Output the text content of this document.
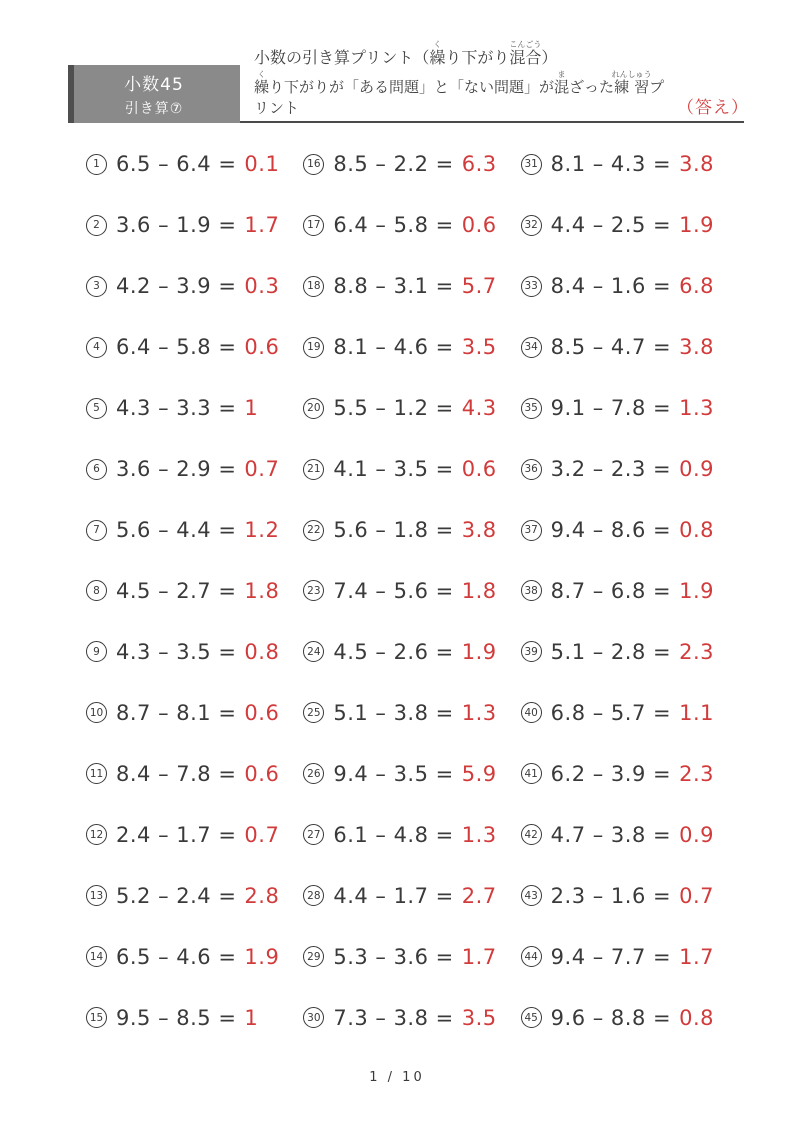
小数45
引き算⑦
小数の引き算プリント（繰くり下がり混合こんごう）
繰くり下がりが「ある問題」と「ない問題」が混まざった練習れんしゅうプリント	（答え）
1 6.5 – 6.4 = 0.1
2 3.6 – 1.9 = 1.7
3 4.2 – 3.9 = 0.3
4 6.4 – 5.8 = 0.6
5 4.3 – 3.3 = 1
6 3.6 – 2.9 = 0.7
7 5.6 – 4.4 = 1.2
8 4.5 – 2.7 = 1.8
9 4.3 – 3.5 = 0.8
10 8.7 – 8.1 = 0.6
11 8.4 – 7.8 = 0.6
12 2.4 – 1.7 = 0.7
13 5.2 – 2.4 = 2.8
14 6.5 – 4.6 = 1.9
15 9.5 – 8.5 = 1
16 8.5 – 2.2 = 6.3
17 6.4 – 5.8 = 0.6
18 8.8 – 3.1 = 5.7
19 8.1 – 4.6 = 3.5
20 5.5 – 1.2 = 4.3
21 4.1 – 3.5 = 0.6
22 5.6 – 1.8 = 3.8
23 7.4 – 5.6 = 1.8
24 4.5 – 2.6 = 1.9
25 5.1 – 3.8 = 1.3
26 9.4 – 3.5 = 5.9
27 6.1 – 4.8 = 1.3
28 4.4 – 1.7 = 2.7
29 5.3 – 3.6 = 1.7
30 7.3 – 3.8 = 3.5
31 8.1 – 4.3 = 3.8
32 4.4 – 2.5 = 1.9
33 8.4 – 1.6 = 6.8
34 8.5 – 4.7 = 3.8
35 9.1 – 7.8 = 1.3
36 3.2 – 2.3 = 0.9
37 9.4 – 8.6 = 0.8
38 8.7 – 6.8 = 1.9
39 5.1 – 2.8 = 2.3
40 6.8 – 5.7 = 1.1
41 6.2 – 3.9 = 2.3
42 4.7 – 3.8 = 0.9
43 2.3 – 1.6 = 0.7
44 9.4 – 7.7 = 1.7
45 9.6 – 8.8 = 0.8
1 / 10
